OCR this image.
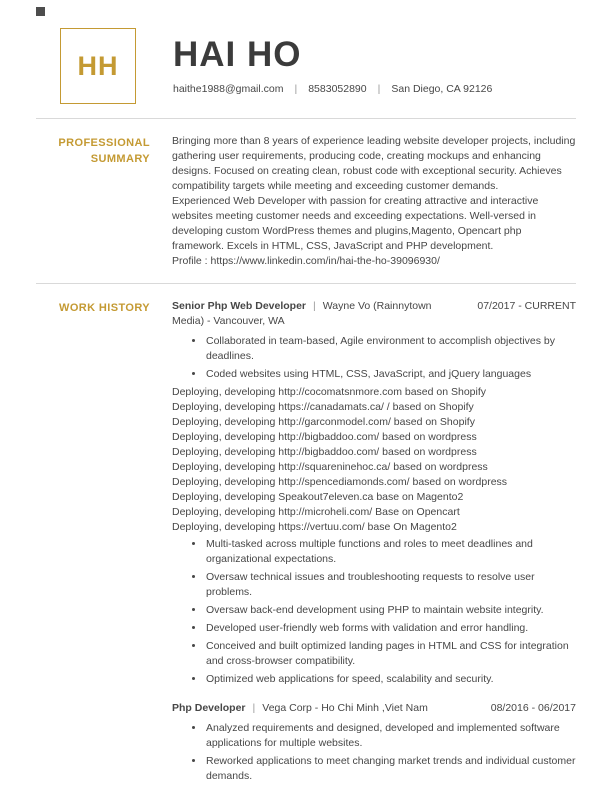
HH HAI HO
haithe1988@gmail.com | 8583052890 | San Diego, CA 92126
PROFESSIONAL SUMMARY

Bringing more than 8 years of experience leading website developer projects, including gathering user requirements, producing code, creating mockups and enhancing designs. Focused on creating clean, robust code with exceptional security. Achieves compatibility targets while meeting and exceeding customer demands.

Experienced Web Developer with passion for creating attractive and interactive websites meeting customer needs and exceeding expectations. Well-versed in developing custom WordPress themes and plugins,Magento, Opencart php framework. Excels in HTML, CSS, JavaScript and PHP development.

Profile : https://www.linkedin.com/in/hai-the-ho-39096930/

WORK HISTORY Senior Php Web Developer | Wayne Vo (Rainnytown Media) - Vancouver, WA
07/2017 - CURRENT
• Collaborated in team-based, Agile environment to accomplish objectives by deadlines.
• Coded websites using HTML, CSS, JavaScript, and jQuery languages

Deploying, developing http://cocomatsnmore.com based on Shopify

Deploying, developing https://canadamats.ca/ / based on Shopify

Deploying, developing http://garconmodel.com/ based on Shopify

Deploying, developing http://bigbaddoo.com/ based on wordpress

Deploying, developing http://bigbaddoo.com/ based on wordpress

Deploying, developing http://squareninehoc.ca/ based on wordpress

Deploying, developing http://spencediamonds.com/ based on wordpress

Deploying, developing Speakout7eleven.ca base on Magento2

Deploying, developing http://microheli.com/ Base on Opencart

Deploying, developing https://vertuu.com/ base On Magento2

• Multi-tasked across multiple functions and roles to meet deadlines and organizational expectations.
• Oversaw technical issues and troubleshooting requests to resolve user problems.
• Oversaw back-end development using PHP to maintain website integrity.
• Developed user-friendly web forms with validation and error handling.
• Conceived and built optimized landing pages in HTML and CSS for integration and cross-browser compatibility.
• Optimized web applications for speed, scalability and security.
Php Developer | Vega Corp - Ho Chi Minh ,Viet Nam	08/2016 - 06/2017
• Analyzed requirements and designed, developed and implemented software applications for multiple websites.
• Reworked applications to meet changing market trends and individual customer demands.
